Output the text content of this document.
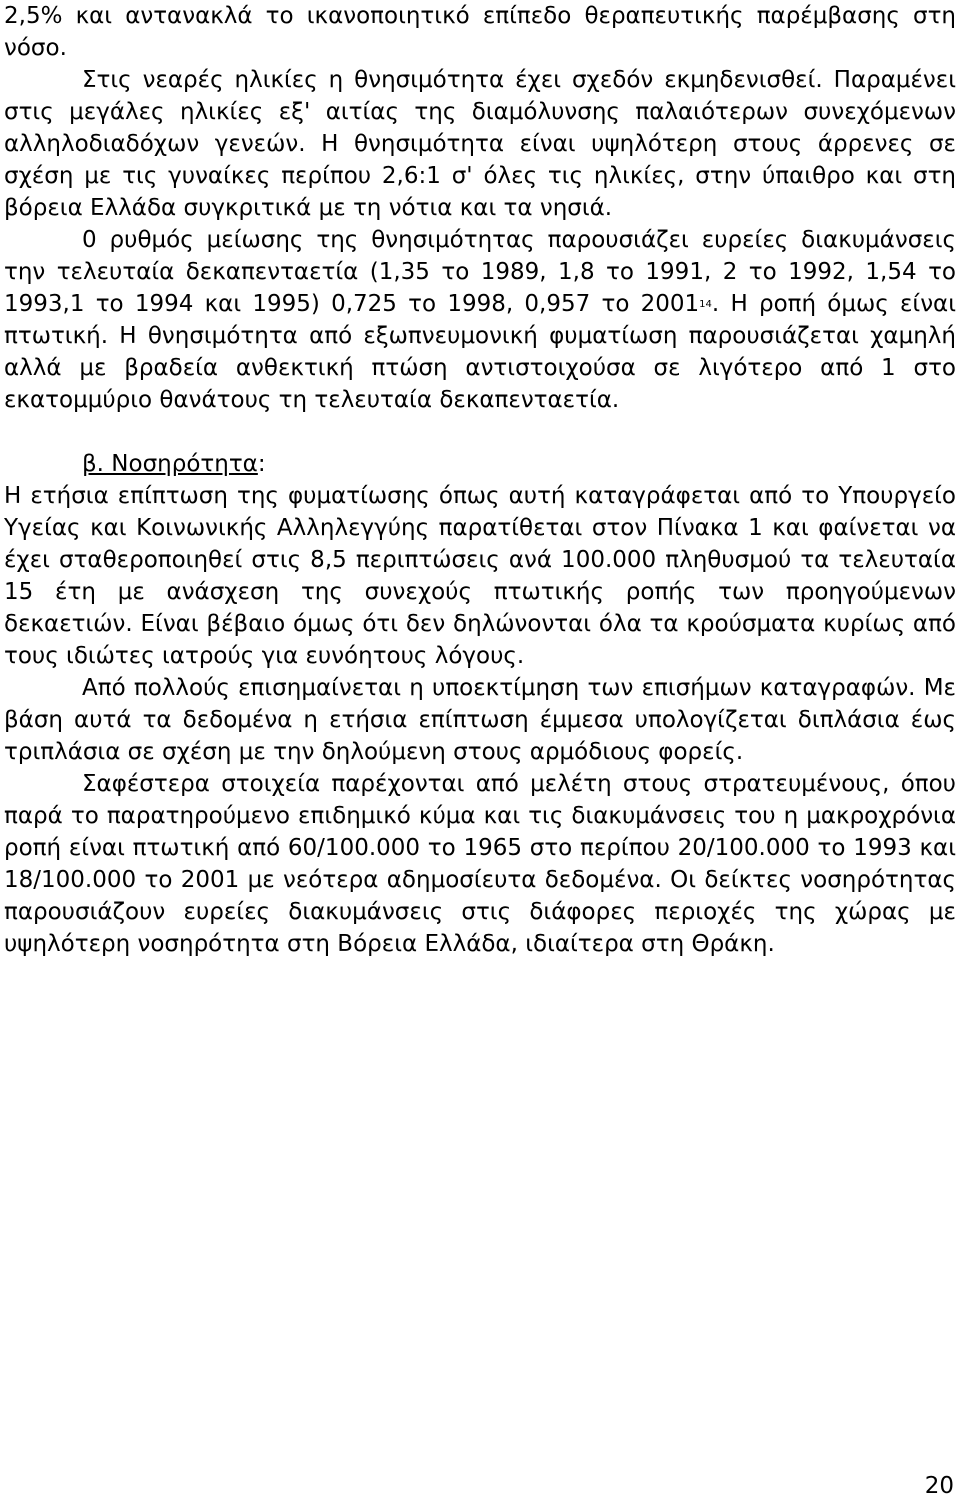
2,5% και αντανακλά το ικανοποιητικό επίπεδο θεραπευτικής παρέμβασης στη νόσο.

Στις νεαρές ηλικίες η θνησιμότητα έχει σχεδόν εκμηδενισθεί. Παραμένει στις μεγάλες ηλικίες εξ' αιτίας της διαμόλυνσης παλαιότερων συνεχόμενων αλληλοδιαδόχων γενεών. Η θνησιμότητα είναι υψηλότερη στους άρρενες σε σχέση με τις γυναίκες περίπου 2,6:1 σ' όλες τις ηλικίες, στην ύπαιθρο και στη βόρεια Ελλάδα συγκριτικά με τη νότια και τα νησιά.

0 ρυθμός μείωσης της θνησιμότητας παρουσιάζει ευρείες διακυμάνσεις την τελευταία δεκαπενταετία (1,35 το 1989, 1,8 το 1991, 2 το 1992, 1,54 το 1993,1 το 1994 και 1995) 0,725 το 1998, 0,957 το 2001$^{14}$. Η ροπή όμως είναι πτωτική. Η θνησιμότητα από εξωπνευμονική φυματίωση παρουσιάζεται χαμηλή αλλά με βραδεία ανθεκτική πτώση αντιστοιχούσα σε λιγότερο από 1 στο εκατομμύριο θανάτους τη τελευταία δεκαπενταετία.

β. Νοσηρότητα:

Η ετήσια επίπτωση της φυματίωσης όπως αυτή καταγράφεται από το Υπουργείο Υγείας και Κοινωνικής Αλληλεγγύης παρατίθεται στον Πίνακα 1 και φαίνεται να έχει σταθεροποιηθεί στις 8,5 περιπτώσεις ανά 100.000 πληθυσμού τα τελευταία 15 έτη με ανάσχεση της συνεχούς πτωτικής ροπής των προηγούμενων δεκαετιών. Είναι βέβαιο όμως ότι δεν δηλώνονται όλα τα κρούσματα κυρίως από τους ιδιώτες ιατρούς για ευνόητους λόγους.

Από πολλούς επισημαίνεται η υποεκτίμηση των επισήμων καταγραφών. Με βάση αυτά τα δεδομένα η ετήσια επίπτωση έμμεσα υπολογίζεται διπλάσια έως τριπλάσια σε σχέση με την δηλούμενη στους αρμόδιους φορείς.

Σαφέστερα στοιχεία παρέχονται από μελέτη στους στρατευμένους, όπου παρά το παρατηρούμενο επιδημικό κύμα και τις διακυμάνσεις του η μακροχρόνια ροπή είναι πτωτική από 60/100.000 το 1965 στο περίπου 20/100.000 το 1993 και 18/100.000 το 2001 με νεότερα αδημοσίευτα δεδομένα. Οι δείκτες νοσηρότητας παρουσιάζουν ευρείες διακυμάνσεις στις διάφορες περιοχές της χώρας με υψηλότερη νοσηρότητα στη Βόρεια Ελλάδα, ιδιαίτερα στη Θράκη.

20
